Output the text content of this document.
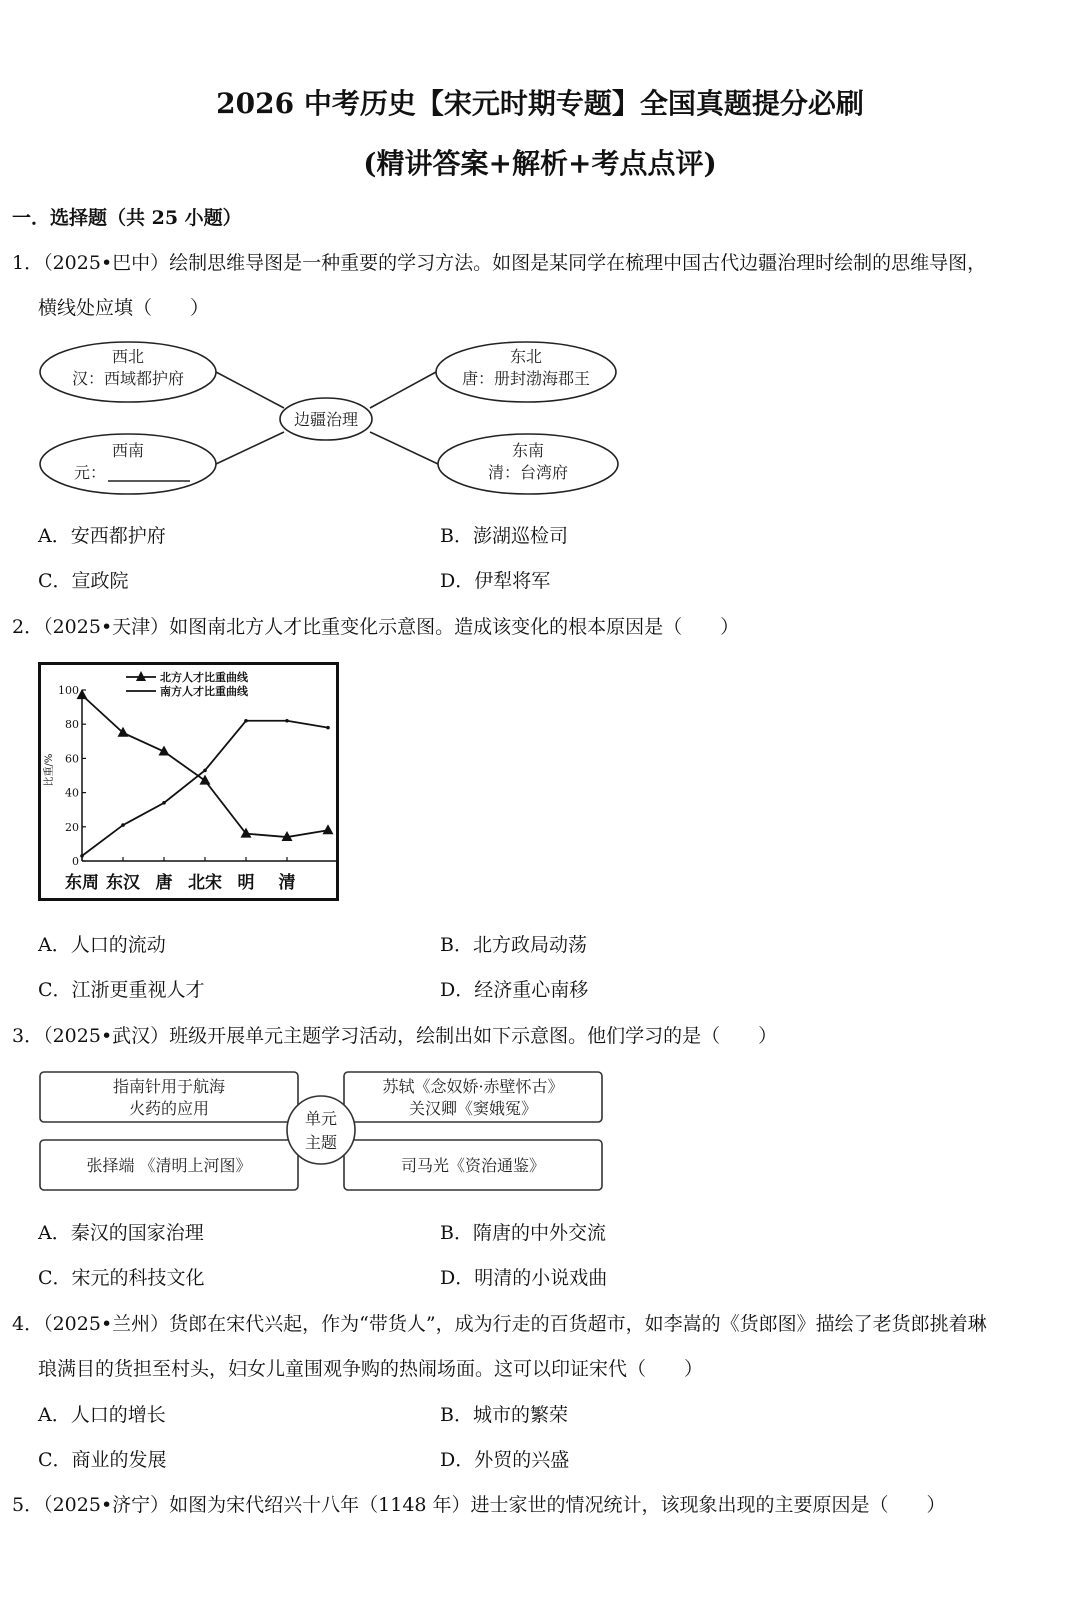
2026 中考历史【宋元时期专题】全国真题提分必刷
(精讲答案+解析+考点点评)
一．选择题（共 25 小题）
1．（2025•巴中）绘制思维导图是一种重要的学习方法。如图是某同学在梳理中国古代边疆治理时绘制的思维导图，
横线处应填（　　）
西北
汉：西域都护府
东北
唐：册封渤海郡王
西南
元：
东南
清：台湾府
边疆治理
A．安西都护府	B．澎湖巡检司
C．宣政院	D．伊犁将军
2．（2025•天津）如图南北方人才比重变化示意图。造成该变化的根本原因是（　　）
0
20
40
60
80
100
东周 东汉 唐 北宋 明 清
北方人才比重曲线
南方人才比重曲线
比重/%
A．人口的流动	B．北方政局动荡
C．江浙更重视人才	D．经济重心南移
3．（2025•武汉）班级开展单元主题学习活动，绘制出如下示意图。他们学习的是（　　）
指南针用于航海
火药的应用
苏轼《念奴娇·赤壁怀古》
关汉卿《窦娥冤》
张择端 《清明上河图》	司马光《资治通鉴》
单元
主题
A．秦汉的国家治理	B．隋唐的中外交流
C．宋元的科技文化	D．明清的小说戏曲
4．（2025•兰州）货郎在宋代兴起，作为“带货人”，成为行走的百货超市，如李嵩的《货郎图》描绘了老货郎挑着琳
琅满目的货担至村头，妇女儿童围观争购的热闹场面。这可以印证宋代（　　）
A．人口的增长	B．城市的繁荣
C．商业的发展	D．外贸的兴盛
5．（2025•济宁）如图为宋代绍兴十八年（1148 年）进士家世的情况统计，该现象出现的主要原因是（　　）
